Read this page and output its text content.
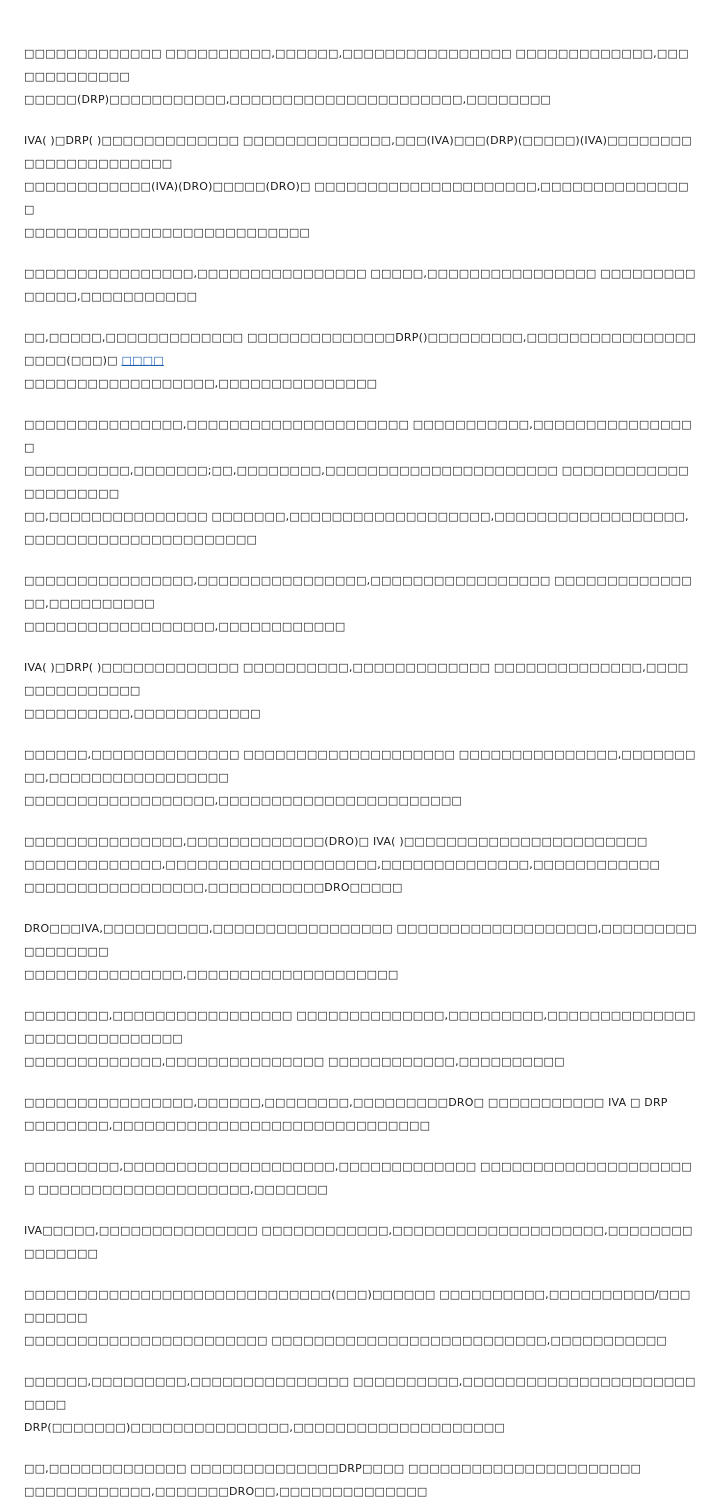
□□□□□□□□□□□□□ □□□□□□□□□□,□□□□□□,□□□□□□□□□□□□□□□□ □□□□□□□□□□□□□,□□□□□□□□□□□□□
□□□□□(DRP)□□□□□□□□□□□,□□□□□□□□□□□□□□□□□□□□□□,□□□□□□□□

IVA( )□DRP( )□□□□□□□□□□□□□ □□□□□□□□□□□□□□,□□□(IVA)□□□(DRP)(□□□□□)(IVA)□□□□□□□□□□□□□□□□□□□□□□
□□□□□□□□□□□□(IVA)(DRO)□□□□□(DRO)□ □□□□□□□□□□□□□□□□□□□□□,□□□□□□□□□□□□□□□
□□□□□□□□□□□□□□□□□□□□□□□□□□□

□□□□□□□□□□□□□□□□,□□□□□□□□□□□□□□□□ □□□□□,□□□□□□□□□□□□□□□□ □□□□□□□□□□□□□□,□□□□□□□□□□□

□□,□□□□□,□□□□□□□□□□□□□ □□□□□□□□□□□□□□DRP()□□□□□□□□□,□□□□□□□□□□□□□□□□□□□□(□□□)□ □□□□
□□□□□□□□□□□□□□□□□□,□□□□□□□□□□□□□□□

□□□□□□□□□□□□□□□,□□□□□□□□□□□□□□□□□□□□□ □□□□□□□□□□□,□□□□□□□□□□□□□□□□
□□□□□□□□□□,□□□□□□□;□□,□□□□□□□□,□□□□□□□□□□□□□□□□□□□□□□ □□□□□□□□□□□□□□□□□□□□□
□□,□□□□□□□□□□□□□□□ □□□□□□□,□□□□□□□□□□□□□□□□□□□,□□□□□□□□□□□□□□□□□□,□□□□□□□□□□□□□□□□□□□□□□

□□□□□□□□□□□□□□□□,□□□□□□□□□□□□□□□□,□□□□□□□□□□□□□□□□□ □□□□□□□□□□□□□□□,□□□□□□□□□□
□□□□□□□□□□□□□□□□□□,□□□□□□□□□□□□

IVA( )□DRP( )□□□□□□□□□□□□□ □□□□□□□□□□,□□□□□□□□□□□□□ □□□□□□□□□□□□□□,□□□□□□□□□□□□□□□
□□□□□□□□□□,□□□□□□□□□□□□

□□□□□□,□□□□□□□□□□□□□□ □□□□□□□□□□□□□□□□□□□□ □□□□□□□□□□□□□□□,□□□□□□□□□,□□□□□□□□□□□□□□□□□
□□□□□□□□□□□□□□□□□□,□□□□□□□□□□□□□□□□□□□□□□□

□□□□□□□□□□□□□□□,□□□□□□□□□□□□□(DRO)□ IVA( )□□□□□□□□□□□□□□□□□□□□□□□
□□□□□□□□□□□□□,□□□□□□□□□□□□□□□□□□□□,□□□□□□□□□□□□□□,□□□□□□□□□□□□
□□□□□□□□□□□□□□□□□,□□□□□□□□□□□DRO□□□□□

DRO□□□IVA,□□□□□□□□□□,□□□□□□□□□□□□□□□□□ □□□□□□□□□□□□□□□□□□□,□□□□□□□□□□□□□□□□□
□□□□□□□□□□□□□□□,□□□□□□□□□□□□□□□□□□□□

□□□□□□□□,□□□□□□□□□□□□□□□□□ □□□□□□□□□□□□□□,□□□□□□□□□,□□□□□□□□□□□□□□□□□□□□□□□□□□□□□
□□□□□□□□□□□□□,□□□□□□□□□□□□□□□ □□□□□□□□□□□□,□□□□□□□□□□

□□□□□□□□□□□□□□□□,□□□□□□,□□□□□□□□,□□□□□□□□□DRO□ □□□□□□□□□□□ IVA □ DRP
□□□□□□□□,□□□□□□□□□□□□□□□□□□□□□□□□□□□□□□

□□□□□□□□□,□□□□□□□□□□□□□□□□□□□□,□□□□□□□□□□□□□ □□□□□□□□□□□□□□□□□□□□□ □□□□□□□□□□□□□□□□□□□□,□□□□□□□

IVA□□□□□,□□□□□□□□□□□□□□□ □□□□□□□□□□□□,□□□□□□□□□□□□□□□□□□□□,□□□□□□□□□□□□□□□

□□□□□□□□□□□□□□□□□□□□□□□□□□□□□(□□□)□□□□□□ □□□□□□□□□□,□□□□□□□□□□/□□□□□□□□□
□□□□□□□□□□□□□□□□□□□□□□□ □□□□□□□□□□□□□□□□□□□□□□□□□□,□□□□□□□□□□□

□□□□□□,□□□□□□□□□,□□□□□□□□□□□□□□□ □□□□□□□□□□,□□□□□□□□□□□□□□□□□□□□□□□□□□
DRP(□□□□□□□)□□□□□□□□□□□□□□□,□□□□□□□□□□□□□□□□□□□□

□□,□□□□□□□□□□□□□ □□□□□□□□□□□□□□DRP□□□□ □□□□□□□□□□□□□□□□□□□□□□
□□□□□□□□□□□□,□□□□□□□DRO□□,□□□□□□□□□□□□□□
